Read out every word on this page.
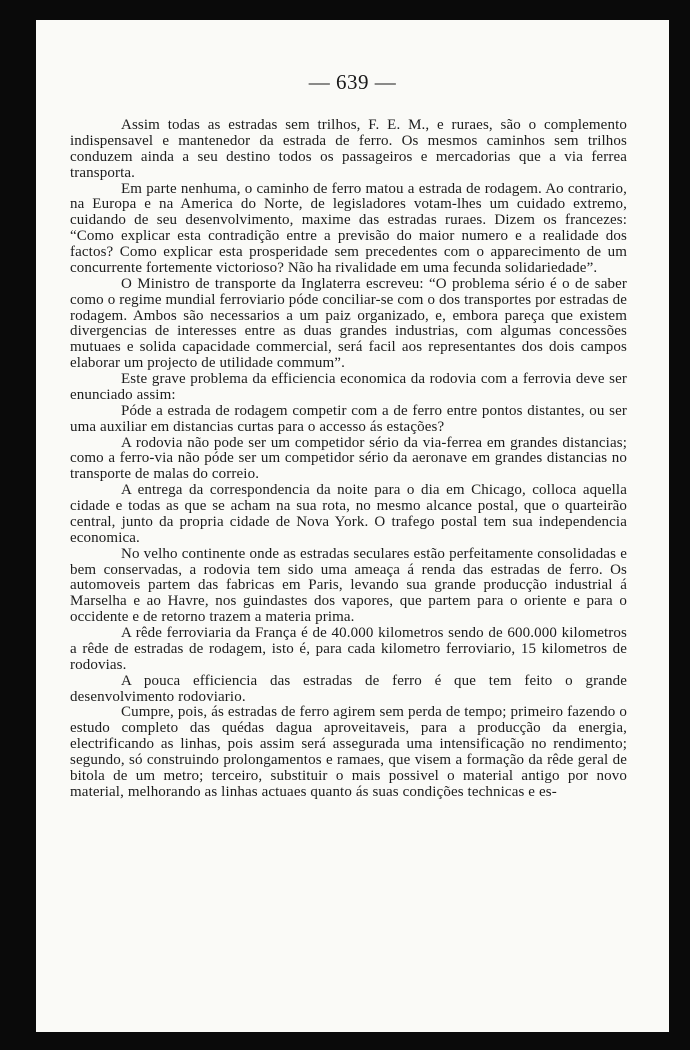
— 639 —

Assim todas as estradas sem trilhos, F. E. M., e ruraes, são o complemento indispensavel e mantenedor da estrada de ferro. Os mesmos caminhos sem trilhos conduzem ainda a seu destino todos os passageiros e mercadorias que a via ferrea transporta.

Em parte nenhuma, o caminho de ferro matou a estrada de rodagem. Ao contrario, na Europa e na America do Norte, de legisladores votam-lhes um cuidado extremo, cuidando de seu desenvolvimento, maxime das estradas ruraes. Dizem os francezes: “Como explicar esta contradição entre a previsão do maior numero e a realidade dos factos? Como explicar esta prosperidade sem precedentes com o apparecimento de um concurrente fortemente victorioso? Não ha rivalidade em uma fecunda solidariedade”.

O Ministro de transporte da Inglaterra escreveu: “O problema sério é o de saber como o regime mundial ferroviario póde conciliar-se com o dos transportes por estradas de rodagem. Ambos são necessarios a um paiz organizado, e, embora pareça que existem divergencias de interesses entre as duas grandes industrias, com algumas concessões mutuaes e solida capacidade commercial, será facil aos representantes dos dois campos elaborar um projecto de utilidade commum”.

Este grave problema da efficiencia economica da rodovia com a ferrovia deve ser enunciado assim:

Póde a estrada de rodagem competir com a de ferro entre pontos distantes, ou ser uma auxiliar em distancias curtas para o accesso ás estações?

A rodovia não pode ser um competidor sério da via-ferrea em grandes distancias; como a ferro-via não póde ser um competidor sério da aeronave em grandes distancias no transporte de malas do correio.

A entrega da correspondencia da noite para o dia em Chicago, colloca aquella cidade e todas as que se acham na sua rota, no mesmo alcance postal, que o quarteirão central, junto da propria cidade de Nova York. O trafego postal tem sua independencia economica.

No velho continente onde as estradas seculares estão perfeitamente consolidadas e bem conservadas, a rodovia tem sido uma ameaça á renda das estradas de ferro. Os automoveis partem das fabricas em Paris, levando sua grande producção industrial á Marselha e ao Havre, nos guindastes dos vapores, que partem para o oriente e para o occidente e de retorno trazem a materia prima.

A rêde ferroviaria da França é de 40.000 kilometros sendo de 600.000 kilometros a rêde de estradas de rodagem, isto é, para cada kilometro ferroviario, 15 kilometros de rodovias.

A pouca efficiencia das estradas de ferro é que tem feito o grande desenvolvimento rodoviario.

Cumpre, pois, ás estradas de ferro agirem sem perda de tempo; primeiro fazendo o estudo completo das quédas dagua aproveitaveis, para a producção da energia, electrificando as linhas, pois assim será assegurada uma intensificação no rendimento; segundo, só construindo prolongamentos e ramaes, que visem a formação da rêde geral de bitola de um metro; terceiro, substituir o mais possivel o material antigo por novo material, melhorando as linhas actuaes quanto ás suas condições technicas e es-
